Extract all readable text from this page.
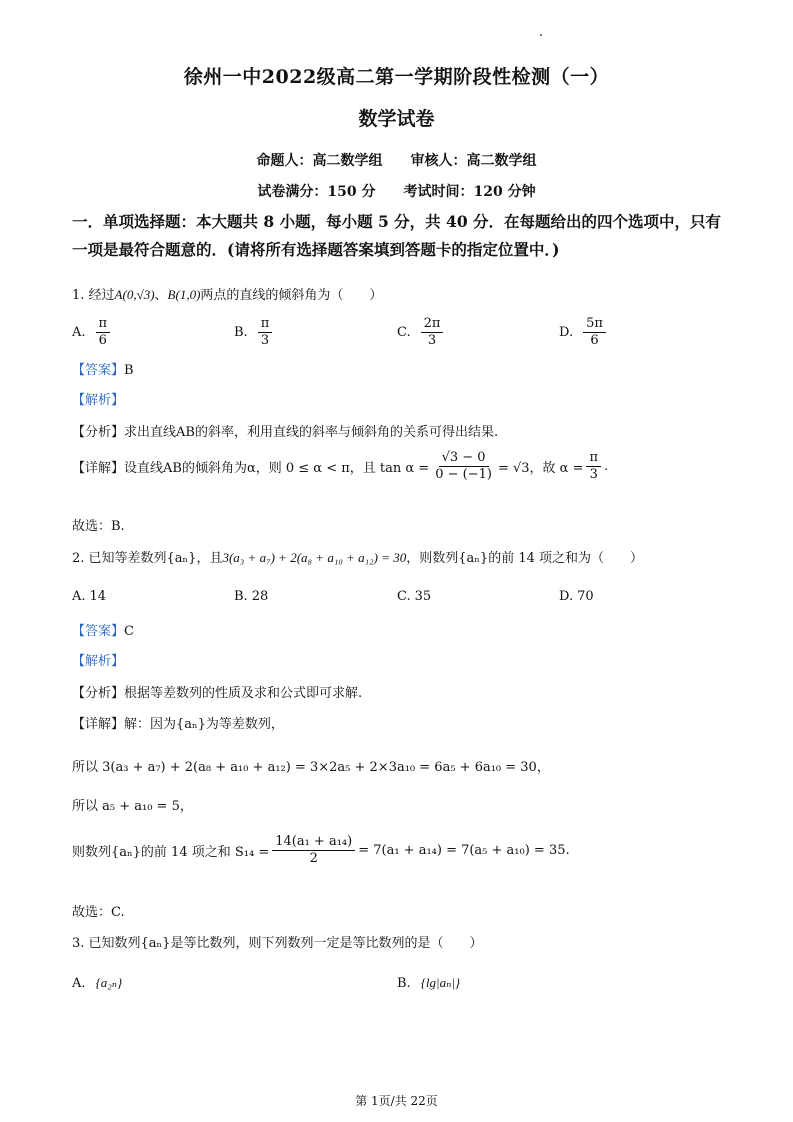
徐州一中2022级高二第一学期阶段性检测（一）
数学试卷
命题人：高二数学组　　审核人：高二数学组
试卷满分：150 分　　考试时间：120 分钟
一．单项选择题：本大题共 8 小题，每小题 5 分，共 40 分．在每题给出的四个选项中，只有
一项是最符合题意的．(请将所有选择题答案填到答题卡的指定位置中．)
1. 经过A(0,√3)、B(1,0)两点的直线的倾斜角为（　　）
A. $\frac{\pi}{6}$	B. $\frac{\pi}{3}$	C. $\frac{2\pi}{3}$	D. $\frac{5\pi}{6}$
【答案】B
【解析】
【分析】求出直线AB的斜率，利用直线的斜率与倾斜角的关系可得出结果.
【详解】 设直线AB的倾斜角为α，则 0 ≤ α < π，且 $\tan \alpha = \frac{√3 - 0}{0 - (-1)} = √3$，故 $\alpha = \frac{\pi}{3}$ .
故选：B.
2. 已知等差数列{aₙ}，且3(a₃ + a₇) + 2(a₈ + a₁₀ + a₁₂) = 30，则数列{aₙ}的前 14 项之和为（　　）
A. 14	B. 28	C. 35	D. 70
【答案】C
【解析】
【分析】根据等差数列的性质及求和公式即可求解.
【详解】解：因为{aₙ}为等差数列，
所以 3(a₃ + a₇) + 2(a₈ + a₁₀ + a₁₂) = 3×2a₅ + 2×3a₁₀ = 6a₅ + 6a₁₀ = 30，
所以 a₅ + a₁₀ = 5，
则数列{aₙ}的前 14 项之和 $S_{14} = \frac{\text{14(a₁ + a₁₄)}}{2} = 7(a_1 + a_{14}) = 7(a_5 + a_{10}) = 35$.
故选：C.
3. 已知数列{aₙ}是等比数列，则下列数列一定是等比数列的是（　　）
A. {a₂ₙ}	B. {lg|aₙ|}
第 1页/共 22页
